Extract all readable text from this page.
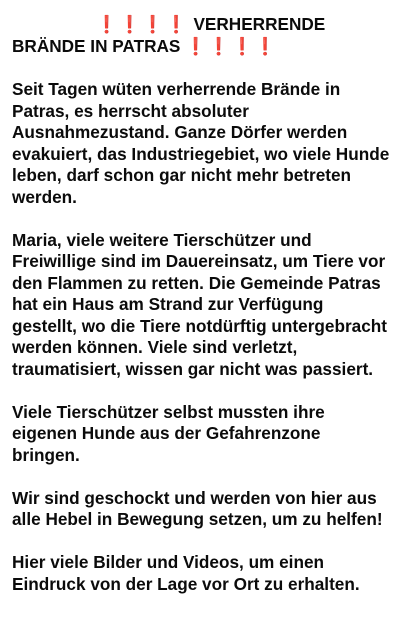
❗❗❗❗ VERHERRENDE BRÄNDE IN PATRAS ❗❗❗❗
Seit Tagen wüten verherrende Brände in Patras, es herrscht absoluter Ausnahmezustand. Ganze Dörfer werden evakuiert, das Industriegebiet, wo viele Hunde leben, darf schon gar nicht mehr betreten werden.
Maria, viele weitere Tierschützer und Freiwillige sind im Dauereinsatz, um Tiere vor den Flammen zu retten. Die Gemeinde Patras hat ein Haus am Strand zur Verfügung gestellt, wo die Tiere notdürftig untergebracht werden können. Viele sind verletzt, traumatisiert, wissen gar nicht was passiert.
Viele Tierschützer selbst mussten ihre eigenen Hunde aus der Gefahrenzone bringen.
Wir sind geschockt und werden von hier aus alle Hebel in Bewegung setzen, um zu helfen!
Hier viele Bilder und Videos, um einen Eindruck von der Lage vor Ort zu erhalten.
